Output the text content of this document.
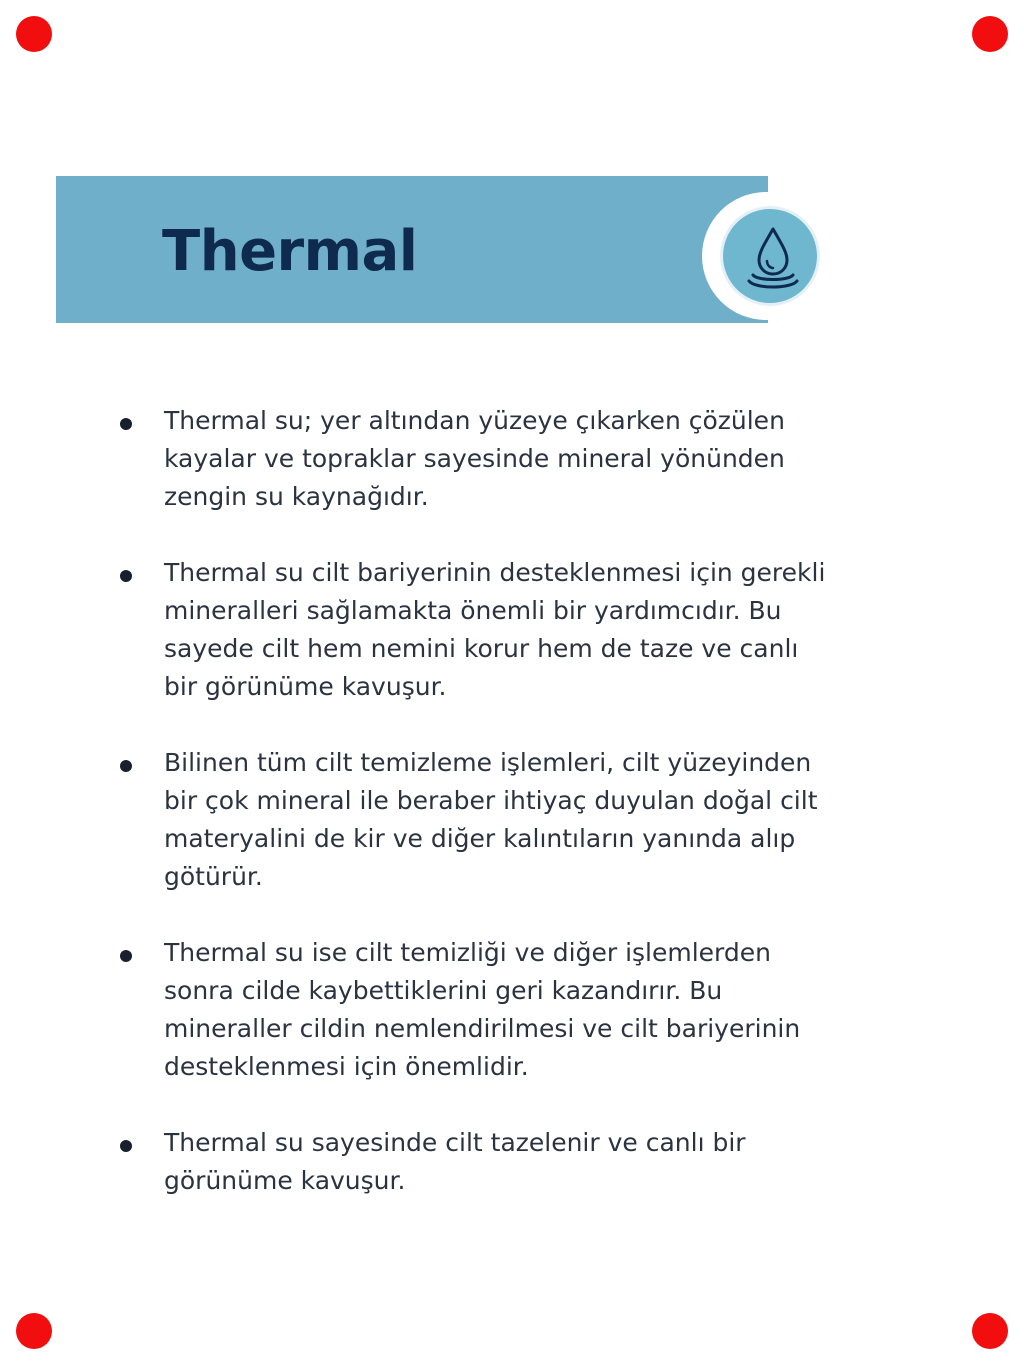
Thermal
Thermal su; yer altından yüzeye çıkarken çözülen
kayalar ve topraklar sayesinde mineral yönünden
zengin su kaynağıdır.
Thermal su cilt bariyerinin desteklenmesi için gerekli
mineralleri sağlamakta önemli bir yardımcıdır. Bu
sayede cilt hem nemini korur hem de taze ve canlı
bir görünüme kavuşur.
Bilinen tüm cilt temizleme işlemleri, cilt yüzeyinden
bir çok mineral ile beraber ihtiyaç duyulan doğal cilt
materyalini de kir ve diğer kalıntıların yanında alıp
götürür.
Thermal su ise cilt temizliği ve diğer işlemlerden
sonra cilde kaybettiklerini geri kazandırır. Bu
mineraller cildin nemlendirilmesi ve cilt bariyerinin
desteklenmesi için önemlidir.
Thermal su sayesinde cilt tazelenir ve canlı bir
görünüme kavuşur.
